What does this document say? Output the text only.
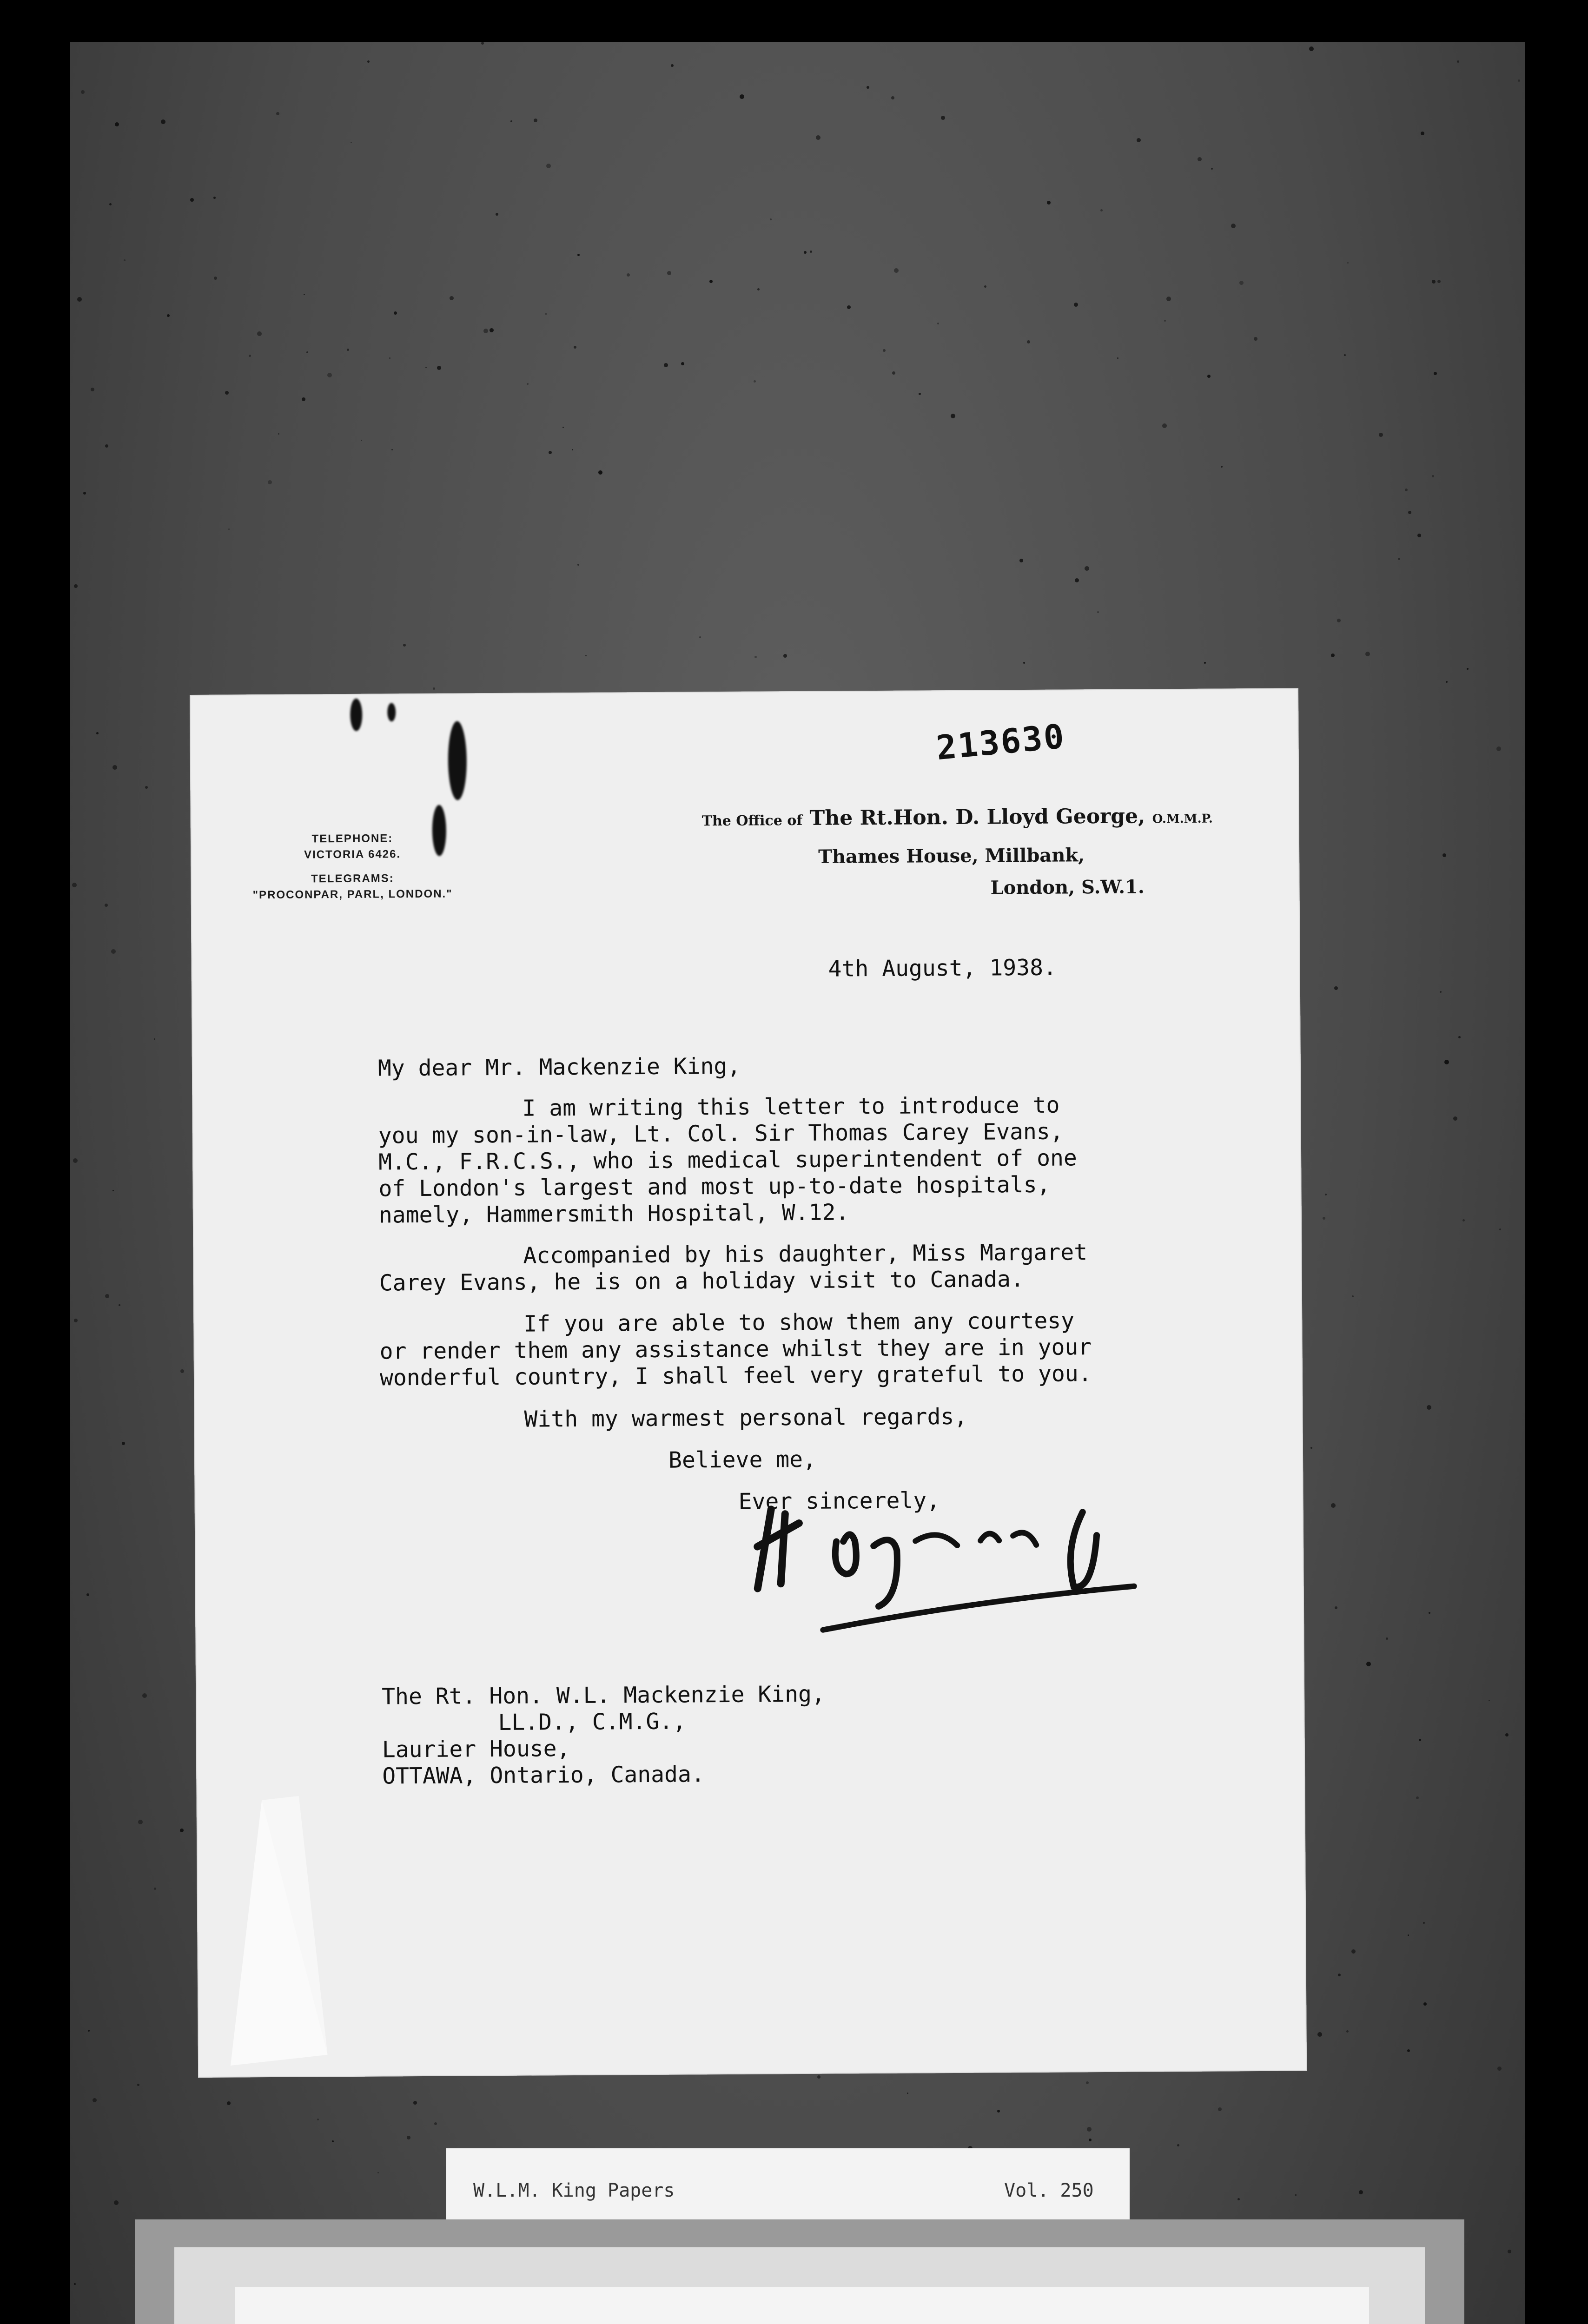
213630
TELEPHONE:
VICTORIA 6426.
TELEGRAMS:
"PROCONPAR, PARL, LONDON."
The Office of The Rt.Hon. D. Lloyd George, O.M.M.P.
Thames House, Millbank,
London, S.W.1.
4th August, 1938.
My dear Mr. Mackenzie King,
I am writing this letter to introduce to
you my son-in-law, Lt. Col. Sir Thomas Carey Evans,
M.C., F.R.C.S., who is medical superintendent of one
of London's largest and most up-to-date hospitals,
namely, Hammersmith Hospital, W.12.
Accompanied by his daughter, Miss Margaret
Carey Evans, he is on a holiday visit to Canada.
If you are able to show them any courtesy
or render them any assistance whilst they are in your
wonderful country, I shall feel very grateful to you.
With my warmest personal regards,
Believe me,
Ever sincerely,
The Rt. Hon. W.L. Mackenzie King,
LL.D., C.M.G.,
Laurier House,
OTTAWA, Ontario, Canada.
W.L.M. King Papers	Vol. 250
